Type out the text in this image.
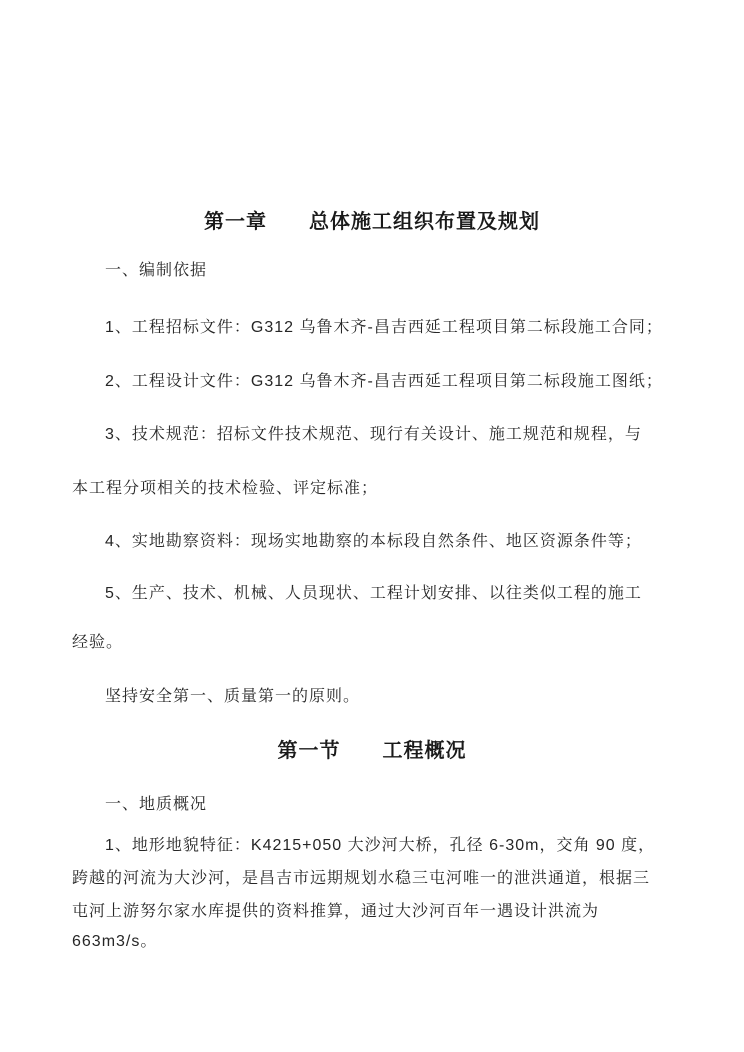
第一章　　总体施工组织布置及规划
一、编制依据
1、工程招标文件：G312 乌鲁木齐-昌吉西延工程项目第二标段施工合同；
2、工程设计文件：G312 乌鲁木齐-昌吉西延工程项目第二标段施工图纸；
3、技术规范：招标文件技术规范、现行有关设计、施工规范和规程，与
本工程分项相关的技术检验、评定标准；
4、实地勘察资料：现场实地勘察的本标段自然条件、地区资源条件等；
5、生产、技术、机械、人员现状、工程计划安排、以往类似工程的施工
经验。
坚持安全第一、质量第一的原则。
第一节　　工程概况
一、地质概况
1、地形地貌特征：K4215+050 大沙河大桥，孔径 6-30m，交角 90 度，
跨越的河流为大沙河，是昌吉市远期规划水稳三屯河唯一的泄洪通道，根据三
屯河上游努尔家水库提供的资料推算，通过大沙河百年一遇设计洪流为
663m3/s。
